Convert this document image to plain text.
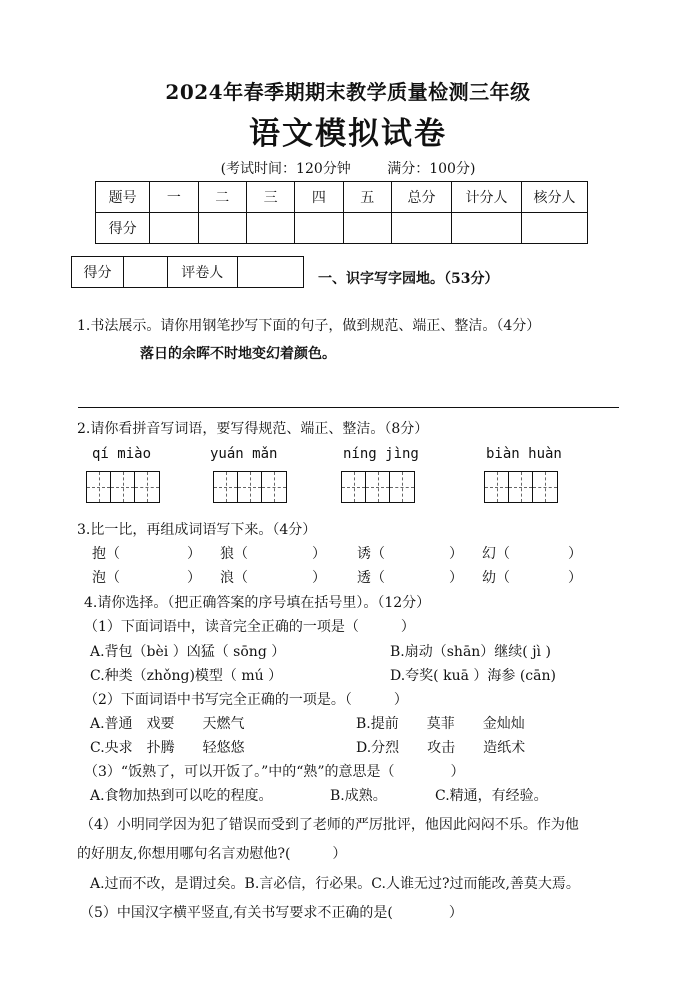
2024年春季期期末教学质量检测三年级
语文模拟试卷
(考试时间：120分钟	满分：100分)
题号	一	二	三	四	五	总分	计分人	核分人
得分								
得分		评卷人		一、识字写字园地。（53分）
1.书法展示。请你用钢笔抄写下面的句子，做到规范、端正、整洁。（4分）
落日的余晖不时地变幻着颜色。
2.请你看拼音写词语，要写得规范、端正、整洁。（8分）
qí miào	yuán mǎn	níng jìng	biàn huàn
3.比一比，再组成词语写下来。（4分）
抱（	） 狼（	） 诱（	） 幻（	）
泡（	） 浪（	） 透（	） 幼（	）
4.请你选择。（把正确答案的序号填在括号里）。（12分）
（1）下面词语中，读音完全正确的一项是（　　　）
A.背包（bèi ）凶猛（ sōng ）	B.扇动（shān）继续( jì )
C.种类（zhǒng)模型（ mú ）	D.夸奖( kuā ）海参 (cān)
（2）下面词语中书写完全正确的一项是。（　　　）
A.普通　戏要　　天燃气	B.提前　　莫菲　　金灿灿
C.央求　扑腾　　轻悠悠	D.分烈　　攻击　　造纸术
（3）“饭熟了，可以开饭了。”中的“熟”的意思是（　　　　）
A.食物加热到可以吃的程度。	B.成熟。	C.精通，有经验。
（4）小明同学因为犯了错误而受到了老师的严厉批评，他因此闷闷不乐。作为他
的好朋友,你想用哪句名言劝慰他?(　　　）
A.过而不改，是谓过矣。B.言必信，行必果。C.人谁无过?过而能改,善莫大焉。
（5）中国汉字横平竖直,有关书写要求不正确的是(　　　　）
